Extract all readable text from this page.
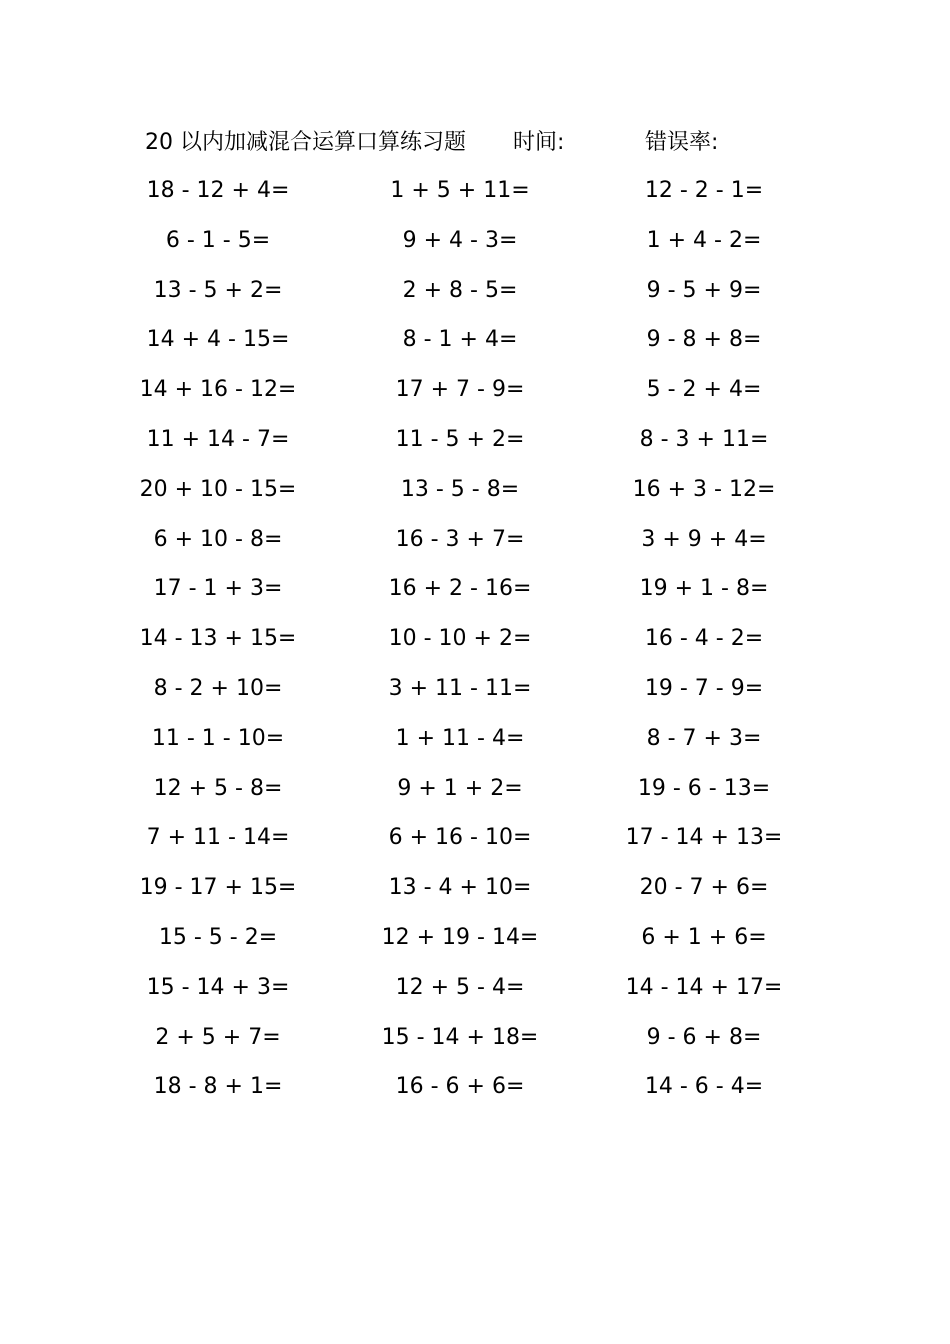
20 以内加减混合运算口算练习题 时间:	错误率:
18 - 12 + 4=	1 + 5 + 11=	12 - 2 - 1=
6 - 1 - 5=	9 + 4 - 3=	1 + 4 - 2=
13 - 5 + 2=	2 + 8 - 5=	9 - 5 + 9=
14 + 4 - 15=	8 - 1 + 4=	9 - 8 + 8=
14 + 16 - 12=	17 + 7 - 9=	5 - 2 + 4=
11 + 14 - 7=	11 - 5 + 2=	8 - 3 + 11=
20 + 10 - 15=	13 - 5 - 8=	16 + 3 - 12=
6 + 10 - 8=	16 - 3 + 7=	3 + 9 + 4=
17 - 1 + 3=	16 + 2 - 16=	19 + 1 - 8=
14 - 13 + 15=	10 - 10 + 2=	16 - 4 - 2=
8 - 2 + 10=	3 + 11 - 11=	19 - 7 - 9=
11 - 1 - 10=	1 + 11 - 4=	8 - 7 + 3=
12 + 5 - 8=	9 + 1 + 2=	19 - 6 - 13=
7 + 11 - 14=	6 + 16 - 10=	17 - 14 + 13=
19 - 17 + 15=	13 - 4 + 10=	20 - 7 + 6=
15 - 5 - 2=	12 + 19 - 14=	6 + 1 + 6=
15 - 14 + 3=	12 + 5 - 4=	14 - 14 + 17=
2 + 5 + 7=	15 - 14 + 18=	9 - 6 + 8=
18 - 8 + 1=	16 - 6 + 6=	14 - 6 - 4=
